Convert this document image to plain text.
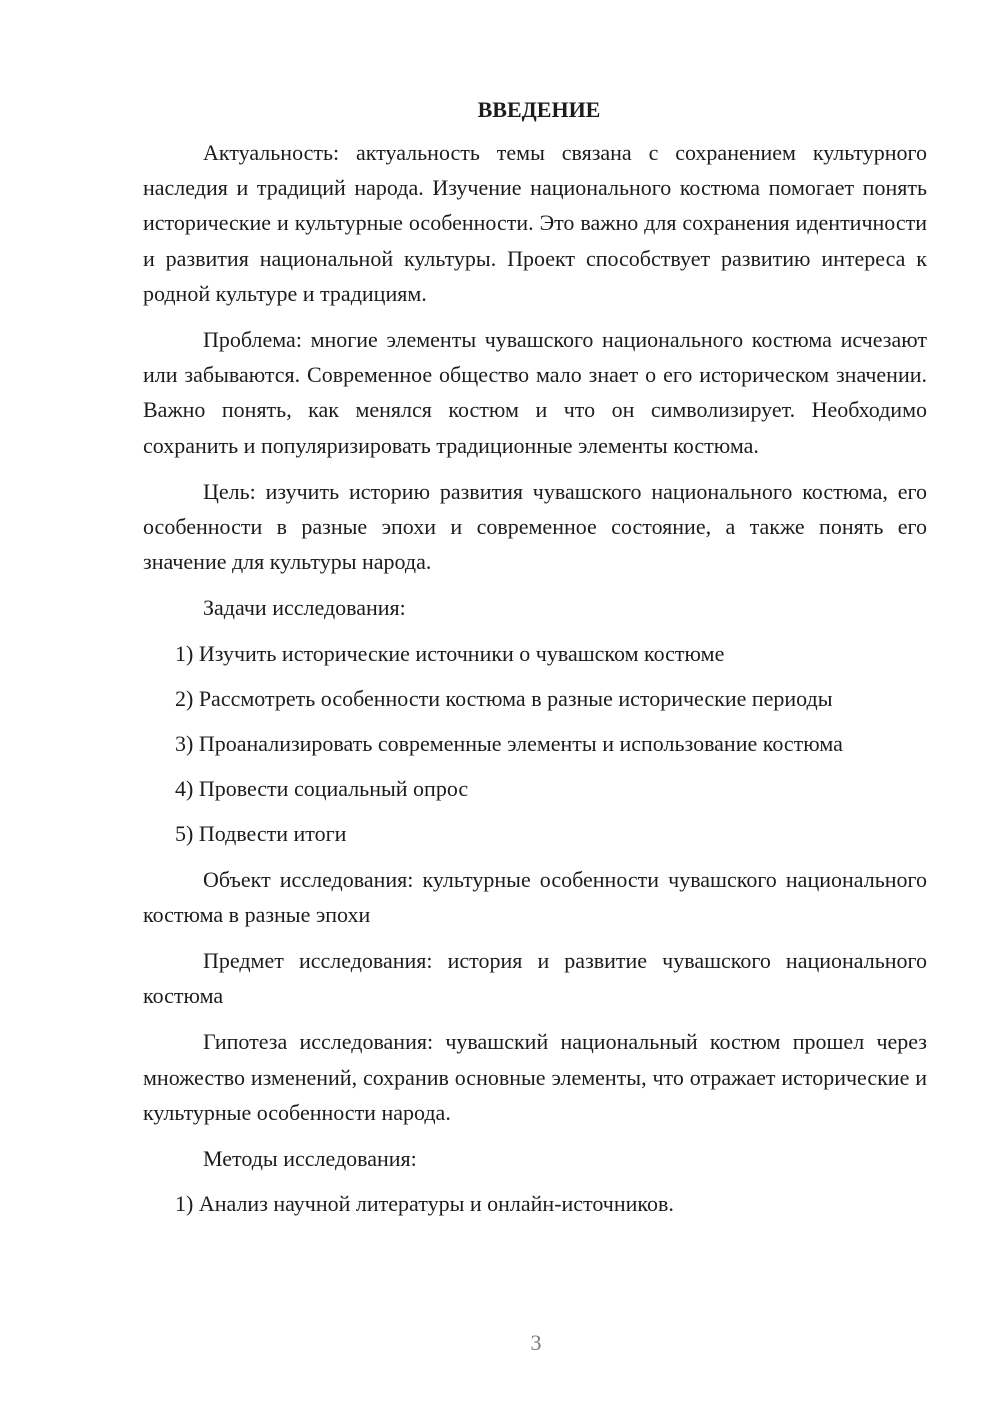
ВВЕДЕНИЕ

Актуальность: актуальность темы связана с сохранением культурного наследия и традиций народа. Изучение национального костюма помогает понять исторические и культурные особенности. Это важно для сохранения идентичности и развития национальной культуры. Проект способствует развитию интереса к родной культуре и традициям.

Проблема: многие элементы чувашского национального костюма исчезают или забываются. Современное общество мало знает о его историческом значении. Важно понять, как менялся костюм и что он символизирует. Необходимо сохранить и популяризировать традиционные элементы костюма.

Цель: изучить историю развития чувашского национального костюма, его особенности в разные эпохи и современное состояние, а также понять его значение для культуры народа.

Задачи исследования:

1) Изучить исторические источники о чувашском костюме

2) Рассмотреть особенности костюма в разные исторические периоды

3) Проанализировать современные элементы и использование костюма

4) Провести социальный опрос

5) Подвести итоги

Объект исследования: культурные особенности чувашского национального костюма в разные эпохи

Предмет исследования: история и развитие чувашского национального костюма

Гипотеза исследования: чувашский национальный костюм прошел через множество изменений, сохранив основные элементы, что отражает исторические и культурные особенности народа.

Методы исследования:

1) Анализ научной литературы и онлайн-источников.

3
